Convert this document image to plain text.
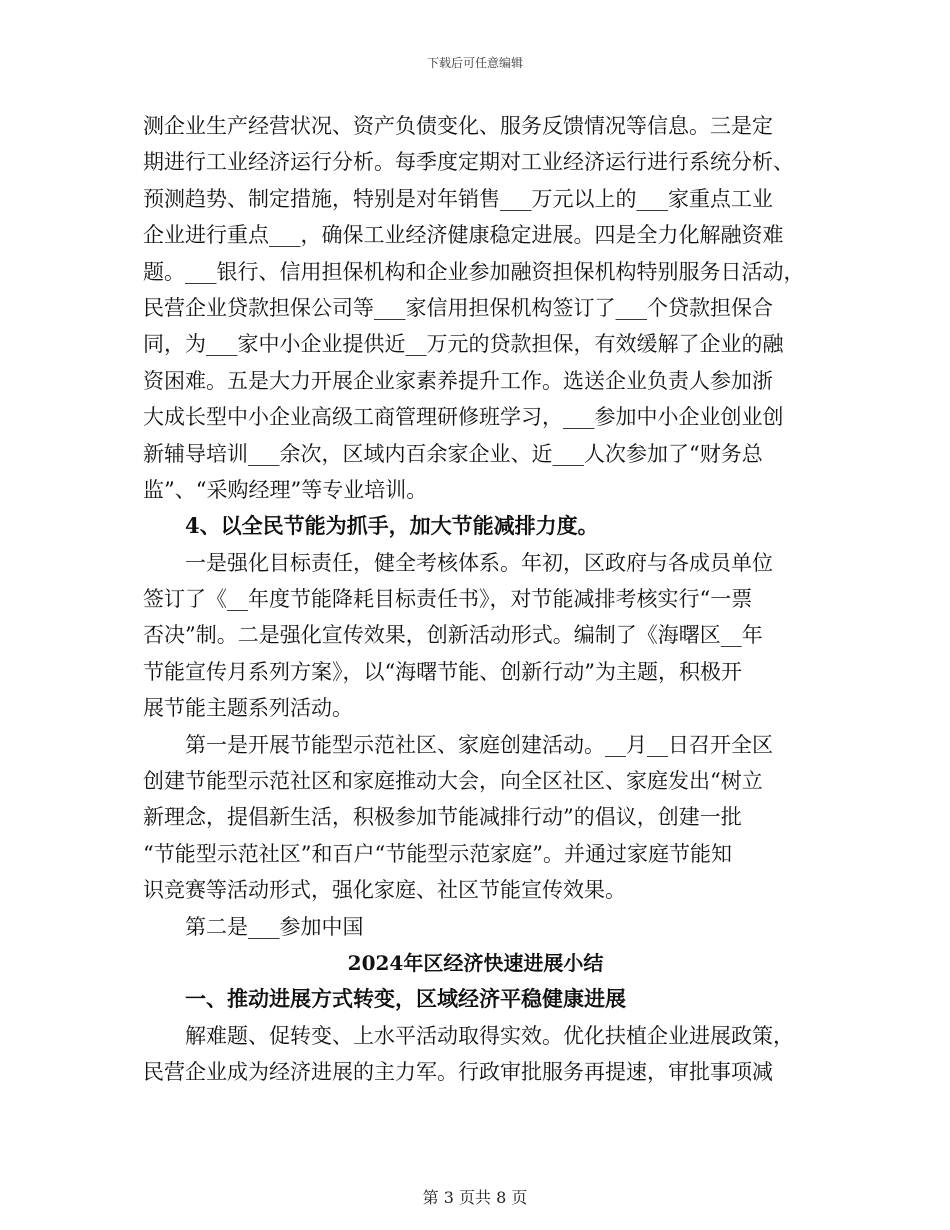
下载后可任意编辑
测企业生产经营状况、资产负债变化、服务反馈情况等信息。三是定
期进行工业经济运行分析。每季度定期对工业经济运行进行系统分析、
预测趋势、制定措施，特别是对年销售___万元以上的___家重点工业
企业进行重点___，确保工业经济健康稳定进展。四是全力化解融资难
题。___银行、信用担保机构和企业参加融资担保机构特别服务日活动，
民营企业贷款担保公司等___家信用担保机构签订了___个贷款担保合
同，为___家中小企业提供近__万元的贷款担保，有效缓解了企业的融
资困难。五是大力开展企业家素养提升工作。选送企业负责人参加浙
大成长型中小企业高级工商管理研修班学习，___参加中小企业创业创
新辅导培训___余次，区域内百余家企业、近___人次参加了“财务总
监”、“采购经理”等专业培训。
4、以全民节能为抓手，加大节能减排力度。
一是强化目标责任，健全考核体系。年初，区政府与各成员单位
签订了《__年度节能降耗目标责任书》，对节能减排考核实行“一票
否决”制。二是强化宣传效果，创新活动形式。编制了《海曙区__年
节能宣传月系列方案》，以“海曙节能、创新行动”为主题，积极开
展节能主题系列活动。
第一是开展节能型示范社区、家庭创建活动。__月__日召开全区
创建节能型示范社区和家庭推动大会，向全区社区、家庭发出“树立
新理念，提倡新生活，积极参加节能减排行动”的倡议，创建一批
“节能型示范社区”和百户“节能型示范家庭”。并通过家庭节能知
识竞赛等活动形式，强化家庭、社区节能宣传效果。
第二是___参加中国
2024年区经济快速进展小结
一、推动进展方式转变，区域经济平稳健康进展
解难题、促转变、上水平活动取得实效。优化扶植企业进展政策，
民营企业成为经济进展的主力军。行政审批服务再提速，审批事项减
第 3 页共 8 页
